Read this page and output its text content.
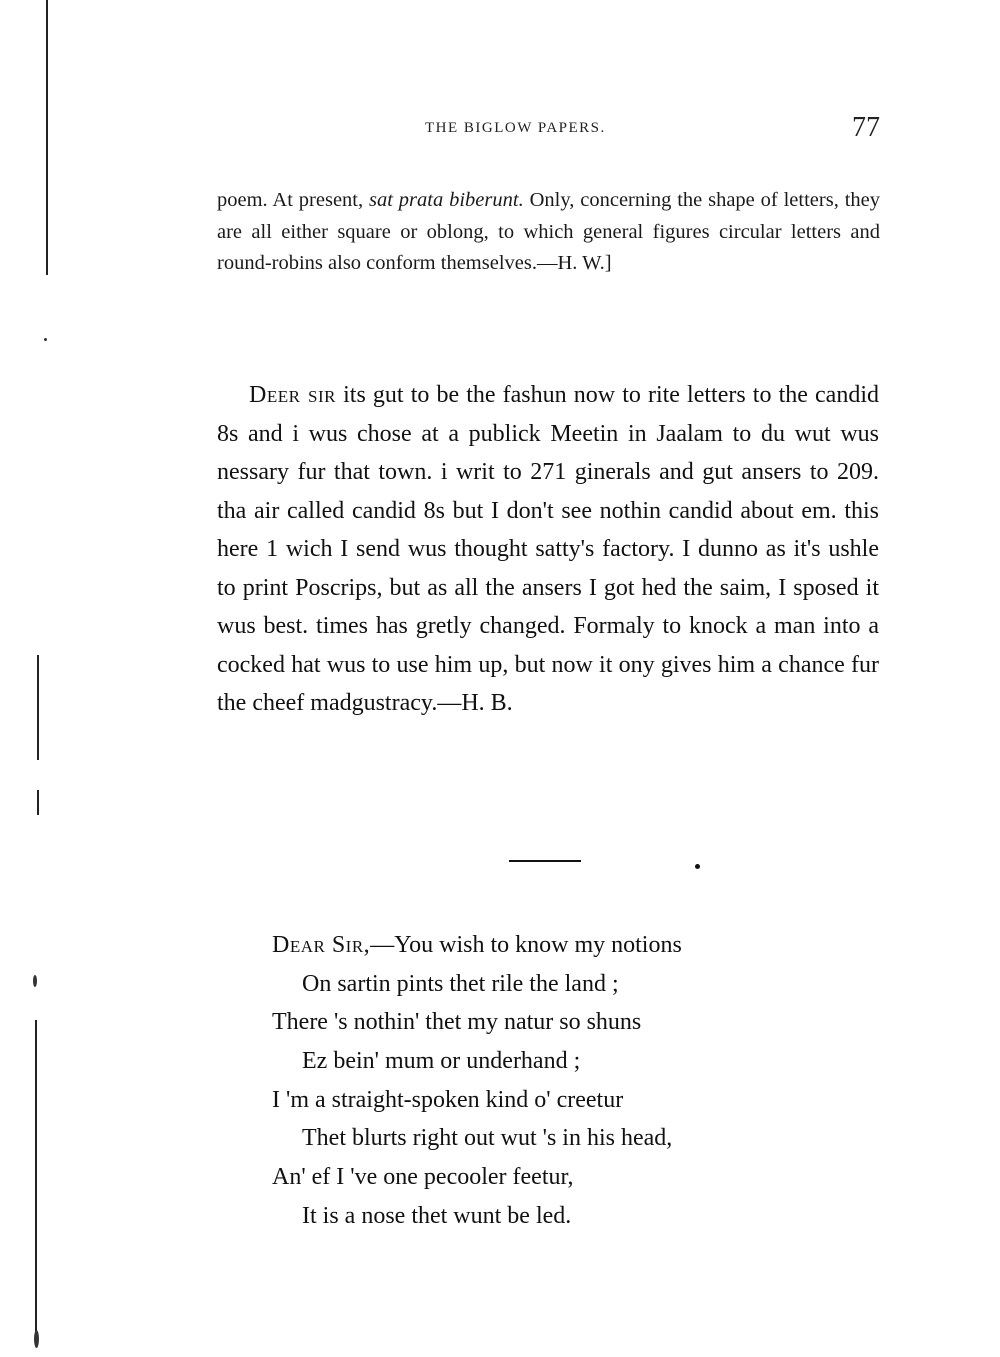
THE BIGLOW PAPERS.	77
poem. At present, sat prata biberunt. Only, concerning the shape of letters, they are all either square or oblong, to which general figures circular letters and round-robins also conform themselves.—H. W.]
Deer sir its gut to be the fashun now to rite letters to the candid 8s and i wus chose at a publick Meetin in Jaalam to du wut wus nessary fur that town. i writ to 271 ginerals and gut ansers to 209. tha air called candid 8s but I don't see nothin candid about em. this here 1 wich I send wus thought satty's factory. I dunno as it's ushle to print Poscrips, but as all the ansers I got hed the saim, I sposed it wus best. times has gretly changed. Formaly to knock a man into a cocked hat wus to use him up, but now it ony gives him a chance fur the cheef madgustracy.—H. B.
Dear Sir,—You wish to know my notions
On sartin pints thet rile the land ;
There 's nothin' thet my natur so shuns
Ez bein' mum or underhand ;
I 'm a straight-spoken kind o' creetur
Thet blurts right out wut 's in his head,
An' ef I 've one pecooler feetur,
It is a nose thet wunt be led.
